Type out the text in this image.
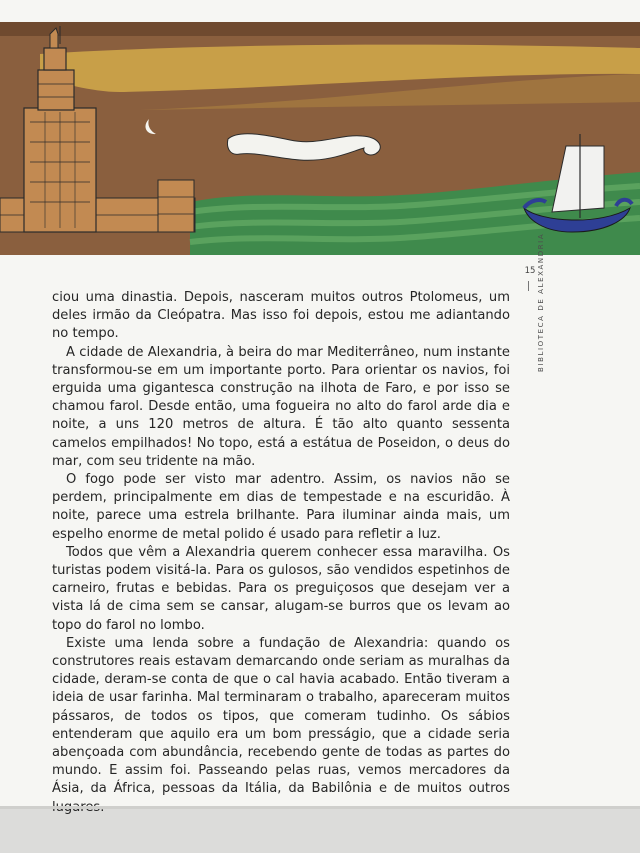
15 BIBLIOTECA DE ALEXANDRIA

ciou uma dinastia. Depois, nasceram muitos outros Ptolomeus, um deles irmão da Cleópatra. Mas isso foi depois, estou me adiantando no tempo.

A cidade de Alexandria, à beira do mar Mediterrâneo, num instante transformou-se em um importante porto. Para orientar os navios, foi erguida uma gigantesca construção na ilhota de Faro, e por isso se chamou farol. Desde então, uma fogueira no alto do farol arde dia e noite, a uns 120 metros de altura. É tão alto quanto sessenta camelos empilhados! No topo, está a estátua de Poseidon, o deus do mar, com seu tridente na mão.

O fogo pode ser visto mar adentro. Assim, os navios não se perdem, principalmente em dias de tempestade e na escuridão. À noite, parece uma estrela brilhante. Para iluminar ainda mais, um espelho enorme de metal polido é usado para refletir a luz.

Todos que vêm a Alexandria querem conhecer essa maravilha. Os turistas podem visitá-la. Para os gulosos, são vendidos espetinhos de carneiro, frutas e bebidas. Para os preguiçosos que desejam ver a vista lá de cima sem se cansar, alugam-se burros que os levam ao topo do farol no lombo.

Existe uma lenda sobre a fundação de Alexandria: quando os construtores reais estavam demarcando onde seriam as muralhas da cidade, deram-se conta de que o cal havia acabado. Então tiveram a ideia de usar farinha. Mal terminaram o trabalho, apareceram muitos pássaros, de todos os tipos, que comeram tudinho. Os sábios entenderam que aquilo era um bom presságio, que a cidade seria abençoada com abundância, recebendo gente de todas as partes do mundo. E assim foi. Passeando pelas ruas, vemos mercadores da Ásia, da África, pessoas da Itália, da Babilônia e de muitos outros
